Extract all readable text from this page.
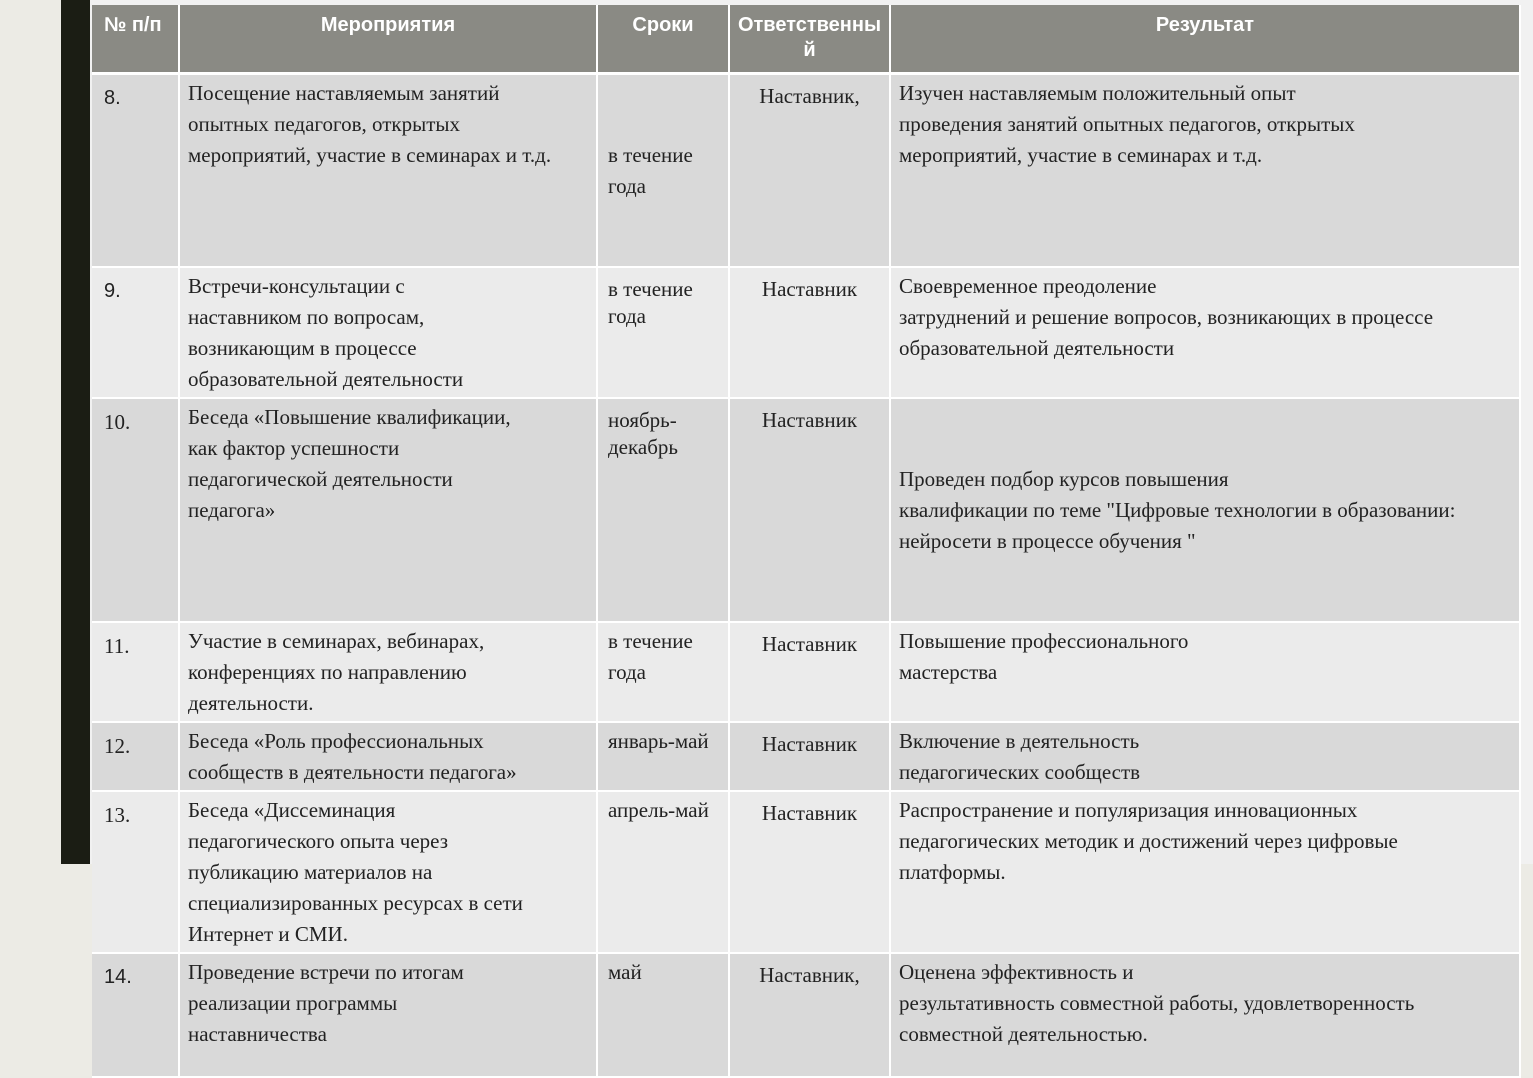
№ п/п	Мероприятия	Сроки	Ответственный	Результат
8.	Посещение наставляемым занятий
опытных педагогов, открытых
мероприятий, участие в семинарах и т.д.	в течение
года	Наставник,	Изучен наставляемым положительный опыт
проведения занятий опытных педагогов, открытых
мероприятий, участие в семинарах и т.д.

9.	Встречи-консультации с
наставником по вопросам,
возникающим в процессе
образовательной деятельности	в течение
года	Наставник	Своевременное преодоление
затруднений и решение вопросов, возникающих в процессе
образовательной деятельности

10.	Беседа «Повышение квалификации,
как фактор успешности
педагогической деятельности
педагога»	ноябрь-
декабрь	Наставник	Проведен подбор курсов повышения
квалификации по теме "Цифровые технологии в образовании:
нейросети в процессе обучения "

11.	Участие в семинарах, вебинарах,
конференциях по направлению
деятельности.	в течение
года	Наставник	Повышение профессионального
мастерства

12.	Беседа «Роль профессиональных
сообществ в деятельности педагога»	январь-май	Наставник	Включение в деятельность
педагогических сообществ

13.	Беседа «Диссеминация
педагогического опыта через
публикацию материалов на
специализированных ресурсах в сети
Интернет и СМИ.	апрель-май	Наставник	Распространение и популяризация инновационных
педагогических методик и достижений через цифровые
платформы.

14.	Проведение встречи по итогам
реализации программы
наставничества	май	Наставник,	Оценена эффективность и
результативность совместной работы, удовлетворенность
совместной деятельностью.
